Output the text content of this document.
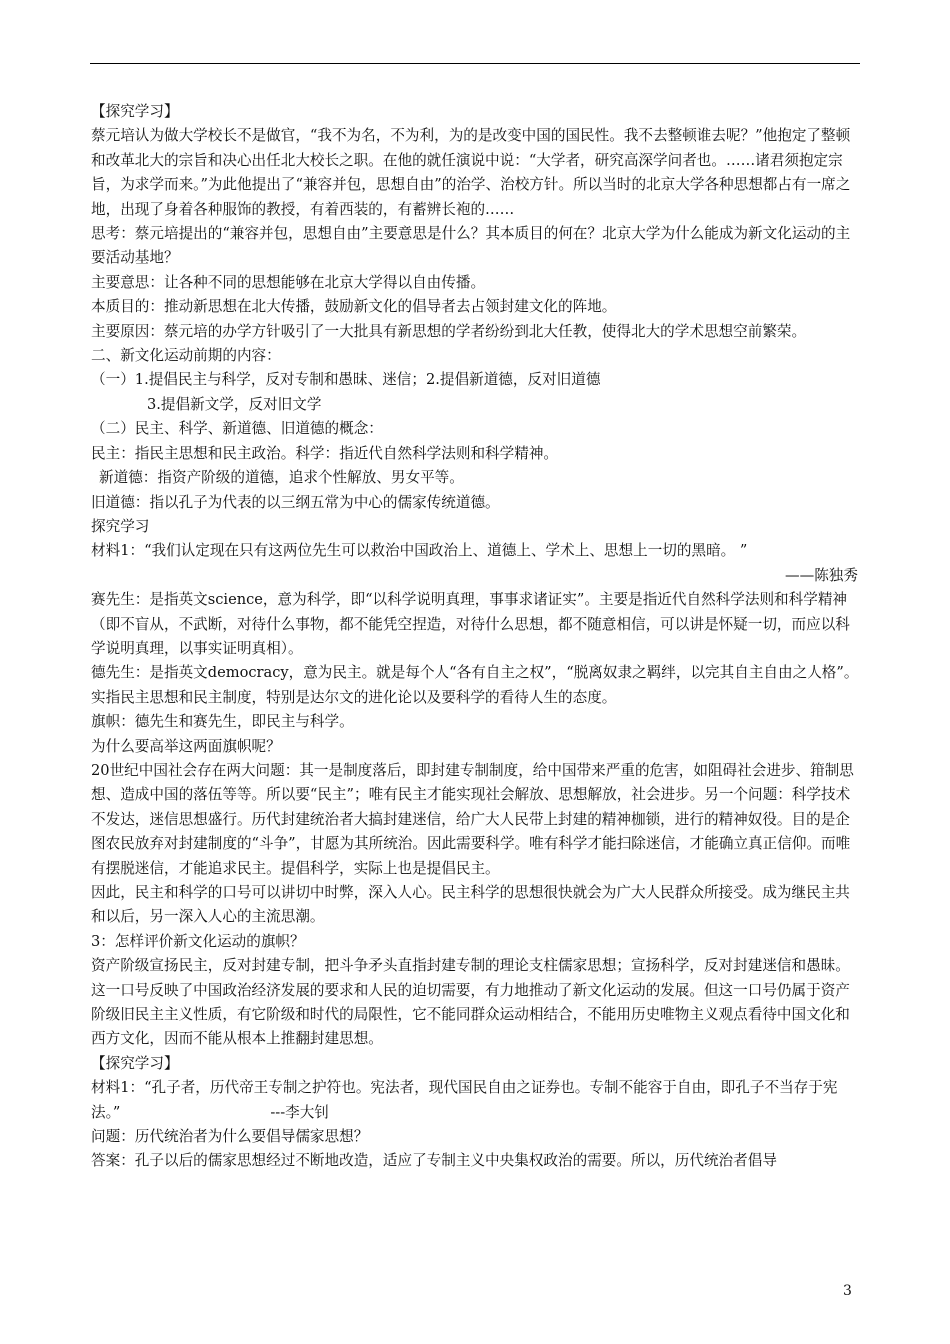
【探究学习】

蔡元培认为做大学校长不是做官，“我不为名，不为利，为的是改变中国的国民性。我不去整顿谁去呢？”他抱定了整顿和改革北大的宗旨和决心出任北大校长之职。在他的就任演说中说：“大学者，研究高深学问者也。……诸君须抱定宗旨，为求学而来。”为此他提出了“兼容并包，思想自由”的治学、治校方针。所以当时的北京大学各种思想都占有一席之地，出现了身着各种服饰的教授，有着西装的，有蓄辨长袍的……

思考：蔡元培提出的“兼容并包，思想自由”主要意思是什么？其本质目的何在？北京大学为什么能成为新文化运动的主要活动基地？

主要意思：让各种不同的思想能够在北京大学得以自由传播。

本质目的：推动新思想在北大传播，鼓励新文化的倡导者去占领封建文化的阵地。

主要原因：蔡元培的办学方针吸引了一大批具有新思想的学者纷纷到北大任教，使得北大的学术思想空前繁荣。

二、新文化运动前期的内容：

（一）1.提倡民主与科学，反对专制和愚昧、迷信；2.提倡新道德，反对旧道德

3.提倡新文学，反对旧文学

（二）民主、科学、新道德、旧道德的概念：

民主：指民主思想和民主政治。科学：指近代自然科学法则和科学精神。

新道德：指资产阶级的道德，追求个性解放、男女平等。

旧道德：指以孔子为代表的以三纲五常为中心的儒家传统道德。

探究学习

材料1：“我们认定现在只有这两位先生可以救治中国政治上、道德上、学术上、思想上一切的黑暗。 ”

——陈独秀

赛先生：是指英文science，意为科学，即“以科学说明真理，事事求诸证实”。主要是指近代自然科学法则和科学精神（即不盲从，不武断，对待什么事物，都不能凭空捏造，对待什么思想，都不随意相信，可以讲是怀疑一切，而应以科学说明真理，以事实证明真相）。

德先生：是指英文democracy，意为民主。就是每个人“各有自主之权”，“脱离奴隶之羁绊，以完其自主自由之人格”。实指民主思想和民主制度，特别是达尔文的进化论以及要科学的看待人生的态度。

旗帜：德先生和赛先生，即民主与科学。

为什么要高举这两面旗帜呢？

20世纪中国社会存在两大问题：其一是制度落后，即封建专制制度，给中国带来严重的危害，如阻碍社会进步、箝制思想、造成中国的落伍等等。所以要“民主”；唯有民主才能实现社会解放、思想解放，社会进步。另一个问题：科学技术不发达，迷信思想盛行。历代封建统治者大搞封建迷信，给广大人民带上封建的精神枷锁，进行的精神奴役。目的是企图农民放弃对封建制度的“斗争”，甘愿为其所统治。因此需要科学。唯有科学才能扫除迷信，才能确立真正信仰。而唯有摆脱迷信，才能追求民主。提倡科学，实际上也是提倡民主。

因此，民主和科学的口号可以讲切中时弊，深入人心。民主科学的思想很快就会为广大人民群众所接受。成为继民主共和以后，另一深入人心的主流思潮。

3：怎样评价新文化运动的旗帜？

资产阶级宣扬民主，反对封建专制，把斗争矛头直指封建专制的理论支柱儒家思想；宣扬科学，反对封建迷信和愚昧。这一口号反映了中国政治经济发展的要求和人民的迫切需要，有力地推动了新文化运动的发展。但这一口号仍属于资产阶级旧民主主义性质，有它阶级和时代的局限性，它不能同群众运动相结合，不能用历史唯物主义观点看待中国文化和西方文化，因而不能从根本上推翻封建思想。

【探究学习】

材料1：“孔子者，历代帝王专制之护符也。宪法者，现代国民自由之证券也。专制不能容于自由，即孔子不当存于宪法。”	---李大钊

问题：历代统治者为什么要倡导儒家思想？

答案：孔子以后的儒家思想经过不断地改造，适应了专制主义中央集权政治的需要。所以，历代统治者倡导

3
